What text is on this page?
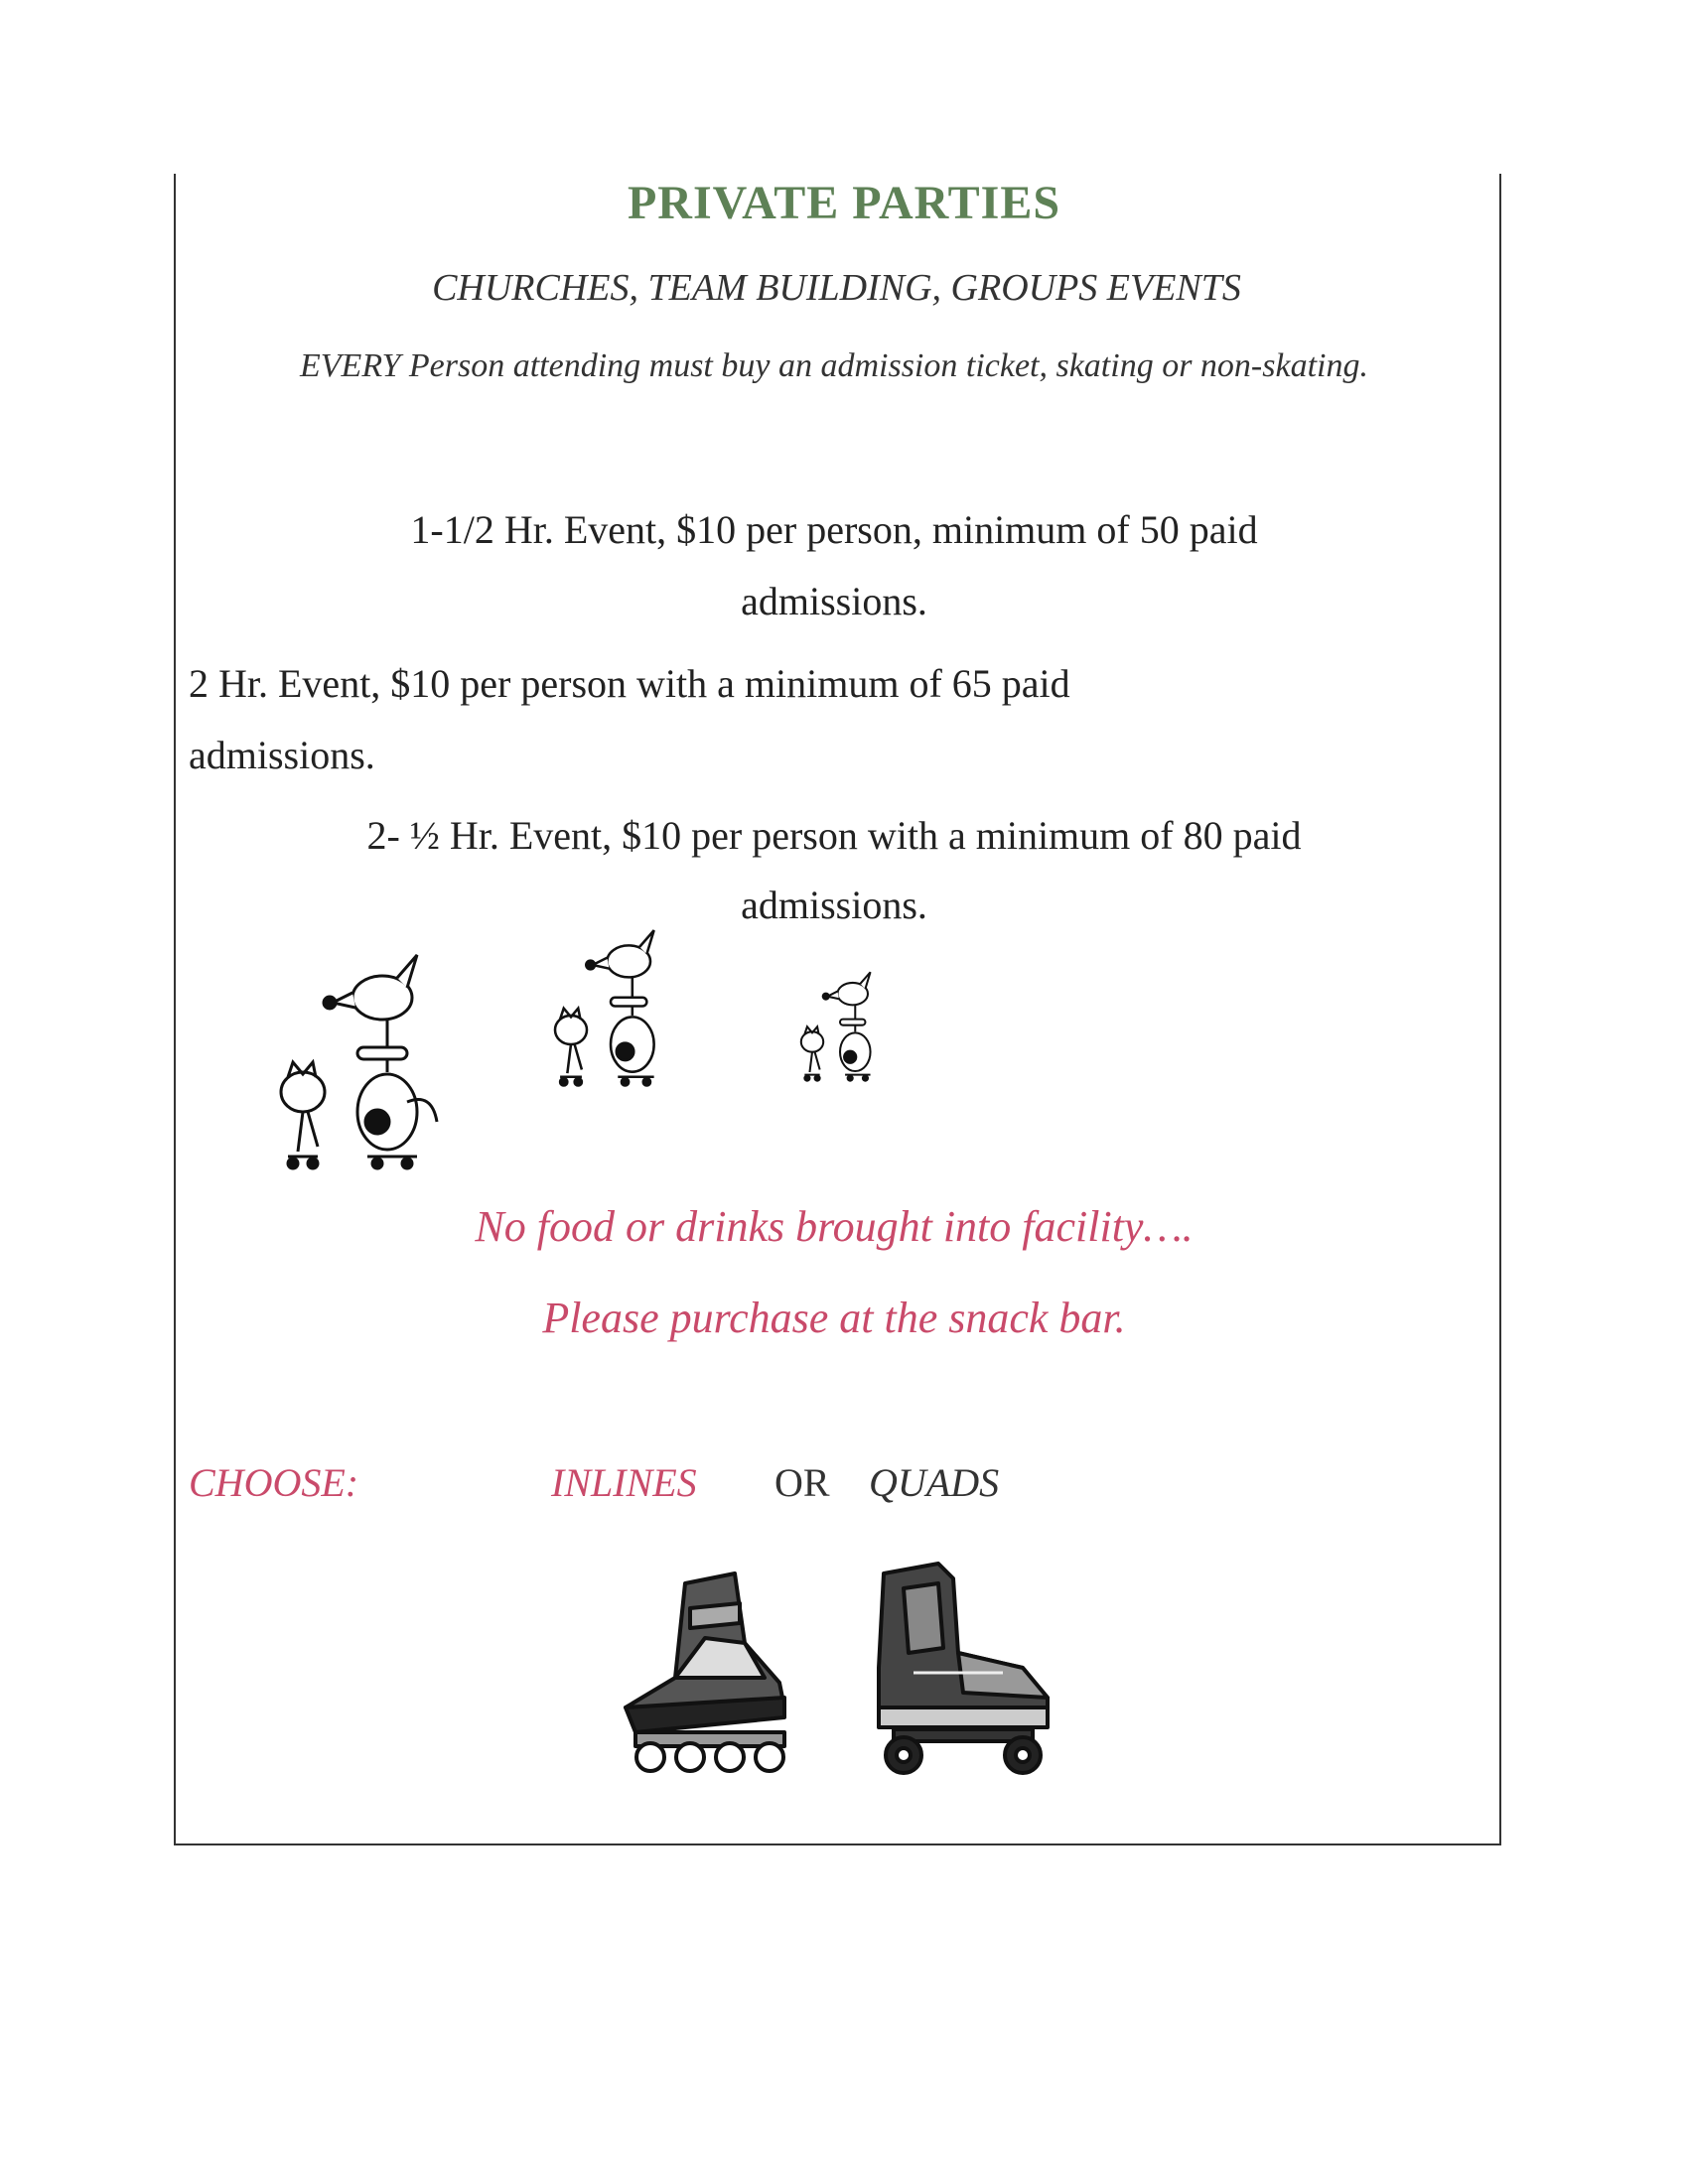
PRIVATE PARTIES
CHURCHES, TEAM BUILDING, GROUPS EVENTS
EVERY Person attending must buy an admission ticket, skating or non-skating.
1-1/2 Hr. Event, $10 per person, minimum of 50 paid
admissions.
2 Hr. Event, $10 per person with a minimum of 65 paid
admissions.
2- ½ Hr. Event, $10 per person with a minimum of 80 paid
admissions.
No food or drinks brought into facility….
Please purchase at the snack bar.
CHOOSE:	INLINES OR QUADS
